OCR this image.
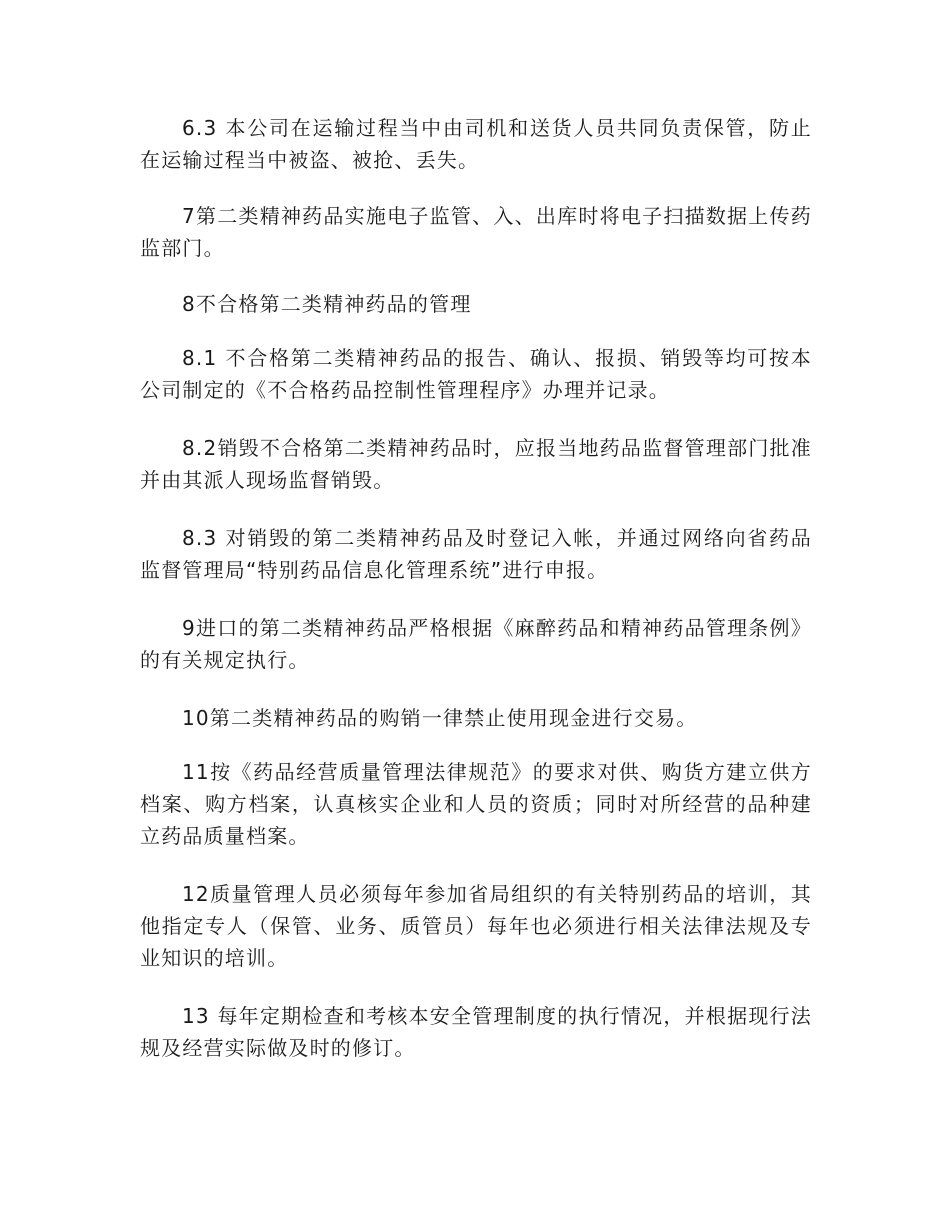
6.3 本公司在运输过程当中由司机和送货人员共同负责保管，防止在运输过程当中被盗、被抢、丢失。

7第二类精神药品实施电子监管、入、出库时将电子扫描数据上传药监部门。

8不合格第二类精神药品的管理

8.1 不合格第二类精神药品的报告、确认、报损、销毁等均可按本公司制定的《不合格药品控制性管理程序》办理并记录。

8.2销毁不合格第二类精神药品时，应报当地药品监督管理部门批准并由其派人现场监督销毁。

8.3 对销毁的第二类精神药品及时登记入帐，并通过网络向省药品监督管理局“特别药品信息化管理系统”进行申报。

9进口的第二类精神药品严格根据《麻醉药品和精神药品管理条例》的有关规定执行。

10第二类精神药品的购销一律禁止使用现金进行交易。

11按《药品经营质量管理法律规范》的要求对供、购货方建立供方档案、购方档案，认真核实企业和人员的资质；同时对所经营的品种建立药品质量档案。

12质量管理人员必须每年参加省局组织的有关特别药品的培训，其他指定专人（保管、业务、质管员）每年也必须进行相关法律法规及专业知识的培训。

13 每年定期检查和考核本安全管理制度的执行情况，并根据现行法规及经营实际做及时的修订。
